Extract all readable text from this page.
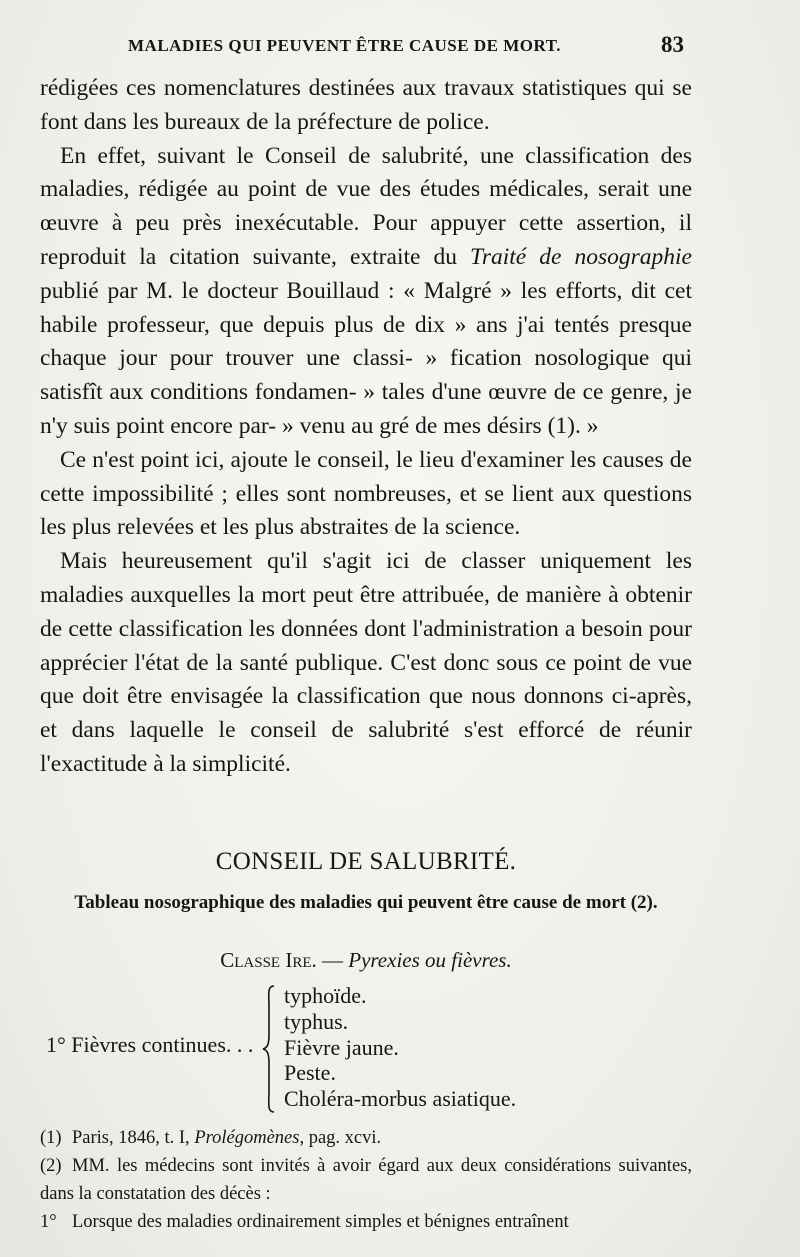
MALADIES QUI PEUVENT ÊTRE CAUSE DE MORT.	83

rédigées ces nomenclatures destinées aux travaux statistiques qui se font dans les bureaux de la préfecture de police.

En effet, suivant le Conseil de salubrité, une classification des maladies, rédigée au point de vue des études médicales, serait une œuvre à peu près inexécutable. Pour appuyer cette assertion, il reproduit la citation suivante, extraite du Traité de nosographie publié par M. le docteur Bouillaud : « Malgré » les efforts, dit cet habile professeur, que depuis plus de dix » ans j'ai tentés presque chaque jour pour trouver une classi- » fication nosologique qui satisfît aux conditions fondamen- » tales d'une œuvre de ce genre, je n'y suis point encore par- » venu au gré de mes désirs (1). »

Ce n'est point ici, ajoute le conseil, le lieu d'examiner les causes de cette impossibilité ; elles sont nombreuses, et se lient aux questions les plus relevées et les plus abstraites de la science.

Mais heureusement qu'il s'agit ici de classer uniquement les maladies auxquelles la mort peut être attribuée, de manière à obtenir de cette classification les données dont l'administration a besoin pour apprécier l'état de la santé publique. C'est donc sous ce point de vue que doit être envisagée la classification que nous donnons ci-après, et dans laquelle le conseil de salubrité s'est efforcé de réunir l'exactitude à la simplicité.

CONSEIL DE SALUBRITÉ.
Tableau nosographique des maladies qui peuvent être cause de mort (2).
Classe Ire. — Pyrexies ou fièvres.
1° Fièvres continues. . .
typhoïde.
typhus.
Fièvre jaune.
Peste.
Choléra-morbus asiatique.

(1) Paris, 1846, t. I, Prolégomènes, pag. xcvi.

(2) MM. les médecins sont invités à avoir égard aux deux considérations suivantes, dans la constatation des décès :

1° Lorsque des maladies ordinairement simples et bénignes entraînent
